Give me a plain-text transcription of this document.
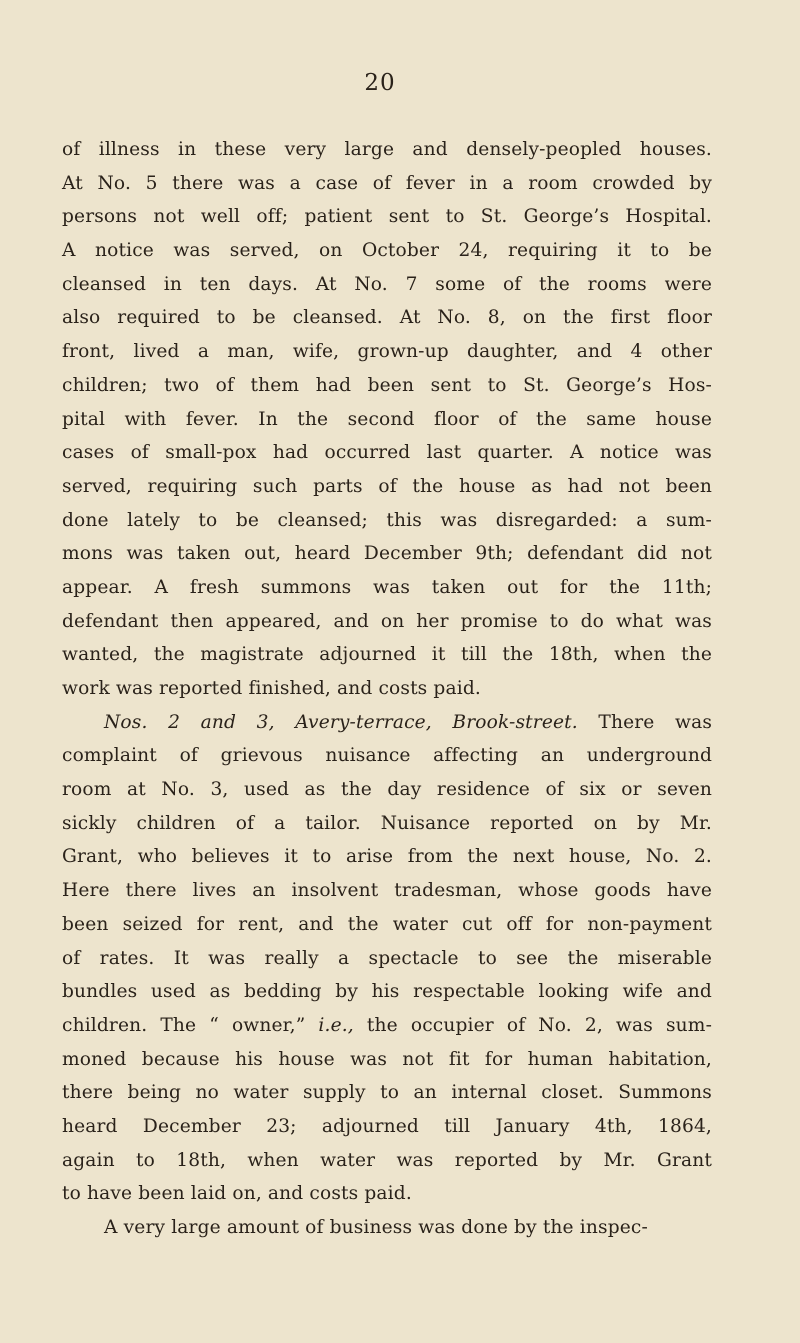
20
of illness in these very large and densely-peopled houses.
At No. 5 there was a case of fever in a room crowded by
persons not well off; patient sent to St. George’s Hospital.
A notice was served, on October 24, requiring it to be
cleansed in ten days. At No. 7 some of the rooms were
also required to be cleansed. At No. 8, on the first floor
front, lived a man, wife, grown-up daughter, and 4 other
children; two of them had been sent to St. George’s Hos-
pital with fever. In the second floor of the same house
cases of small-pox had occurred last quarter. A notice was
served, requiring such parts of the house as had not been
done lately to be cleansed; this was disregarded: a sum-
mons was taken out, heard December 9th; defendant did not
appear. A fresh summons was taken out for the 11th;
defendant then appeared, and on her promise to do what was
wanted, the magistrate adjourned it till the 18th, when the
work was reported finished, and costs paid.
Nos. 2 and 3, Avery-terrace, Brook-street. There was
complaint of grievous nuisance affecting an underground
room at No. 3, used as the day residence of six or seven
sickly children of a tailor. Nuisance reported on by Mr.
Grant, who believes it to arise from the next house, No. 2.
Here there lives an insolvent tradesman, whose goods have
been seized for rent, and the water cut off for non-payment
of rates. It was really a spectacle to see the miserable
bundles used as bedding by his respectable looking wife and
children. The “ owner,” i.e., the occupier of No. 2, was sum-
moned because his house was not fit for human habitation,
there being no water supply to an internal closet. Summons
heard December 23; adjourned till January 4th, 1864,
again to 18th, when water was reported by Mr. Grant
to have been laid on, and costs paid.
A very large amount of business was done by the inspec-
